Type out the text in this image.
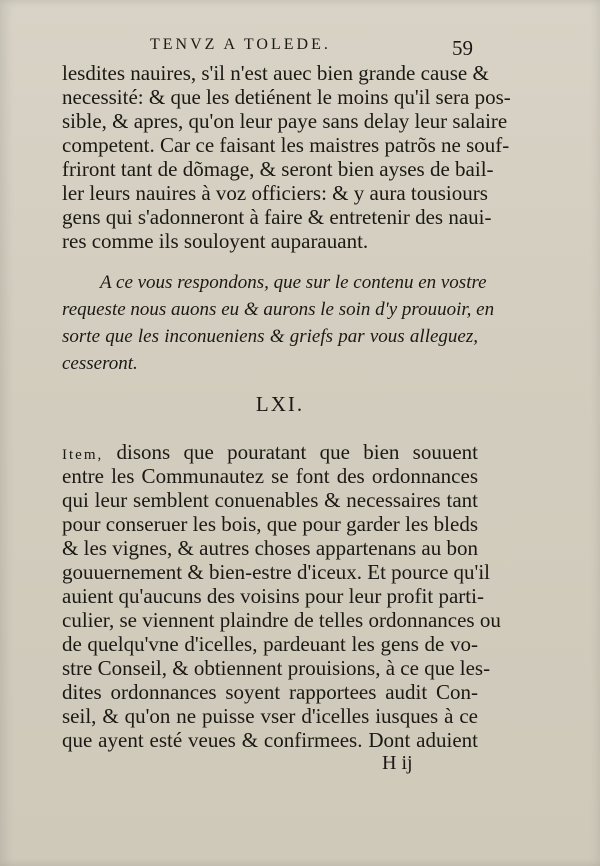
TENVZ A TOLEDE.	59
lesdites nauires, s'il n'est auec bien grande cause &
necessité: & que les detiénent le moins qu'il sera pos-
sible, & apres, qu'on leur paye sans delay leur salaire
competent. Car ce faisant les maistres patrõs ne souf-
friront tant de dõmage, & seront bien ayses de bail-
ler leurs nauires à voz officiers: & y aura tousiours
gens qui s'adonneront à faire & entretenir des naui-
res comme ils souloyent auparauant.
A ce vous respondons, que sur le contenu en vostre
requeste nous auons eu & aurons le soin d'y prouuoir, en
sorte que les inconueniens & griefs par vous alleguez,
cesseront.
LXI.
Item, disons que pouratant que bien souuent
entre les Communautez se font des ordonnances
qui leur semblent conuenables & necessaires tant
pour conseruer les bois, que pour garder les bleds
& les vignes, & autres choses appartenans au bon
gouuernement & bien-estre d'iceux. Et pource qu'il
auient qu'aucuns des voisins pour leur profit parti-
culier, se viennent plaindre de telles ordonnances ou
de quelqu'vne d'icelles, pardeuant les gens de vo-
stre Conseil, & obtiennent prouisions, à ce que les-
dites ordonnances soyent rapportees audit Con-
seil, & qu'on ne puisse vser d'icelles iusques à ce
que ayent esté veues & confirmees. Dont aduient
H ij
